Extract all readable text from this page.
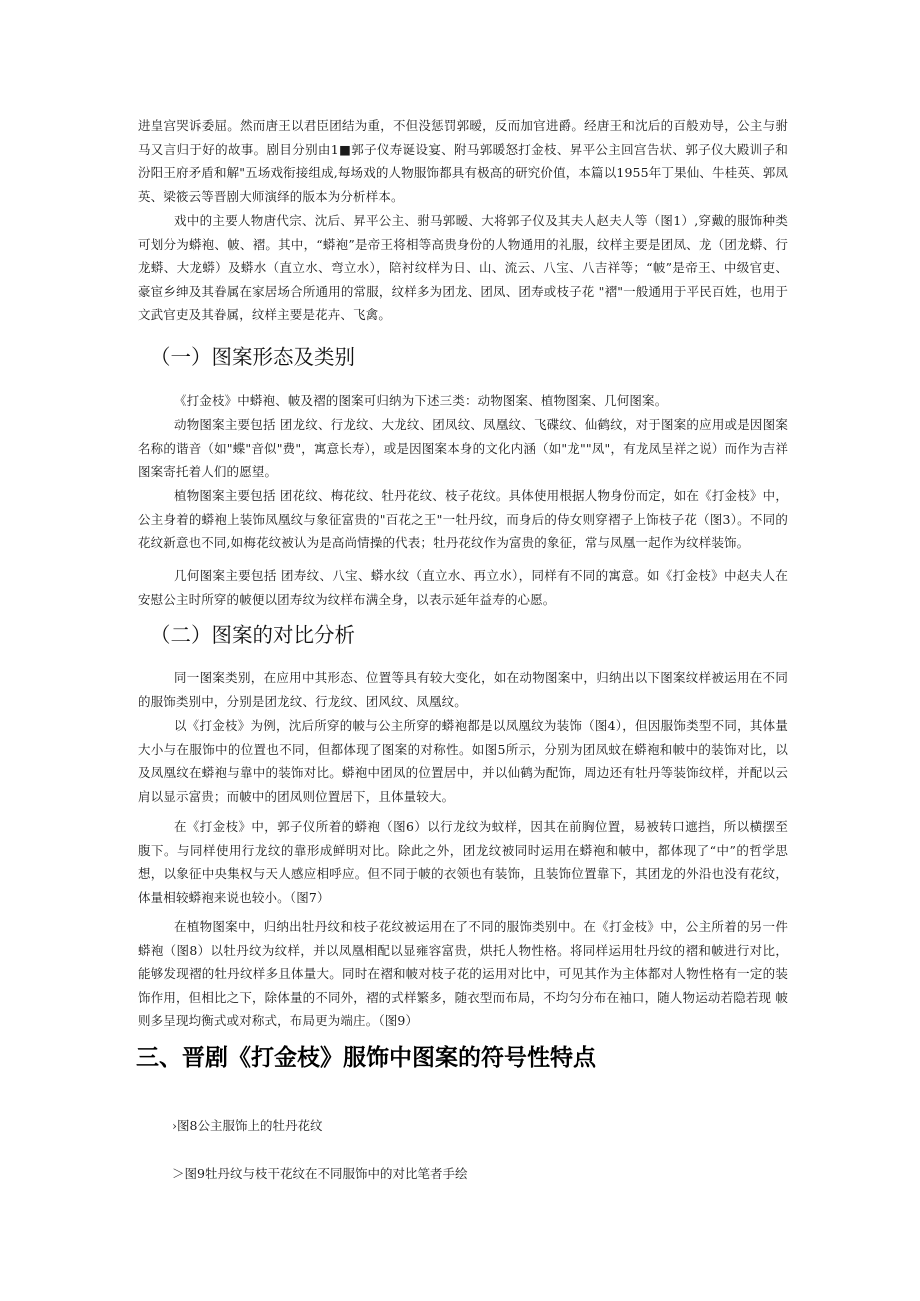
进皇宫哭诉委屈。然而唐王以君臣团结为重，不但没惩罚郭暧，反而加官进爵。经唐王和沈后的百般劝导，公主与驸马又言归于好的故事。剧目分别由1■郭子仪寿诞设宴、附马郭暖怒打金枝、昇平公主回宫告状、郭子仪大殿训子和汾阳王府矛盾和解"五场戏衔接组成,每场戏的人物服饰都具有极高的研究价值，本篇以1955年丁果仙、牛桂英、郭凤英、梁筱云等晋剧大师演绎的版本为分析样本。

戏中的主要人物唐代宗、沈后、昇平公主、驸马郭暧、大将郭子仪及其夫人赵夫人等（图1）,穿戴的服饰种类可划分为蟒袍、帔、褶。其中，“蟒袍”是帝王将相等高贵身份的人物通用的礼服，纹样主要是团凤、龙（团龙蟒、行龙蟒、大龙蟒）及蟒水（直立水、弯立水），陪衬纹样为日、山、流云、八宝、八吉祥等；“帔”是帝王、中级官吏、豪宦乡绅及其眷属在家居场合所通用的常服，纹样多为团龙、团凤、团寿或枝子花 "褶"一般通用于平民百姓，也用于文武官吏及其眷属，纹样主要是花卉、飞禽。

（一）图案形态及类别

《打金枝》中蟒袍、帔及褶的图案可归纳为下述三类：动物图案、植物图案、几何图案。

动物图案主要包括 团龙纹、行龙纹、大龙纹、团凤纹、凤凰纹、飞碟纹、仙鹤纹，对于图案的应用或是因图案名称的谐音（如"蝶"音似"费"，寓意长寿），或是因图案本身的文化内涵（如"龙""凤"，有龙凤呈祥之说）而作为吉祥图案寄托着人们的愿望。

植物图案主要包括 团花纹、梅花纹、牡丹花纹、枝子花纹。具体使用根据人物身份而定，如在《打金枝》中，公主身着的蟒袍上装饰凤凰纹与象征富贵的"百花之王"一牡丹纹，而身后的侍女则穿褶子上饰枝子花（图3）。不同的花纹新意也不同,如梅花纹被认为是高尚情操的代表；牡丹花纹作为富贵的象征，常与凤凰一起作为纹样装饰。

几何图案主要包括 团寿纹、八宝、蟒水纹（直立水、再立水），同样有不同的寓意。如《打金枝》中赵夫人在安慰公主时所穿的帔便以团寿纹为纹样布满全身，以表示延年益寿的心愿。

（二）图案的对比分析

同一图案类别，在应用中其形态、位置等具有较大变化，如在动物图案中，归纳出以下图案纹样被运用在不同的服饰类别中，分别是团龙纹、行龙纹、团风纹、凤凰纹。

以《打金枝》为例，沈后所穿的帔与公主所穿的蟒袍都是以凤凰纹为装饰（图4），但因服饰类型不同，其体量大小与在服饰中的位置也不同，但都体现了图案的对称性。如图5所示，分别为团凤蚊在蟒袍和帔中的装饰对比，以及凤凰纹在蟒袍与靠中的装饰对比。蟒袍中团凤的位置居中，并以仙鹤为配饰，周边还有牡丹等装饰纹样，并配以云肩以显示富贵；而帔中的团凤则位置居下，且体量较大。

在《打金枝》中，郭子仪所着的蟒袍（图6）以行龙纹为蚊样，因其在前胸位置，易被转口遮挡，所以横摆至腹下。与同样使用行龙纹的靠形成鲜明对比。除此之外，团龙纹被同时运用在蟒袍和帔中，都体现了“中”的哲学思想，以象征中央集权与天人感应相呼应。但不同于帔的衣领也有装饰，且装饰位置靠下，其团龙的外沿也没有花纹，体量相较蟒袍来说也较小。（图7）

在植物图案中，归纳出牡丹纹和枝子花纹被运用在了不同的服饰类别中。在《打金枝》中，公主所着的另一件蟒袍（图8）以牡丹纹为纹样，并以凤凰相配以显雍容富贵，烘托人物性格。将同样运用牡丹纹的褶和帔进行对比，能够发现褶的牡丹纹样多且体量大。同时在褶和帔对枝子花的运用对比中，可见其作为主体都对人物性格有一定的装饰作用，但相比之下，除体量的不同外，褶的式样繁多，随衣型而布局，不均匀分布在袖口，随人物运动若隐若现 帔则多呈现均衡式或对称式，布局更为端庄。（图9）

三、晋剧《打金枝》服饰中图案的符号性特点

›图8公主服饰上的牡丹花纹

＞图9牡丹纹与枝干花纹在不同服饰中的对比笔者手绘
